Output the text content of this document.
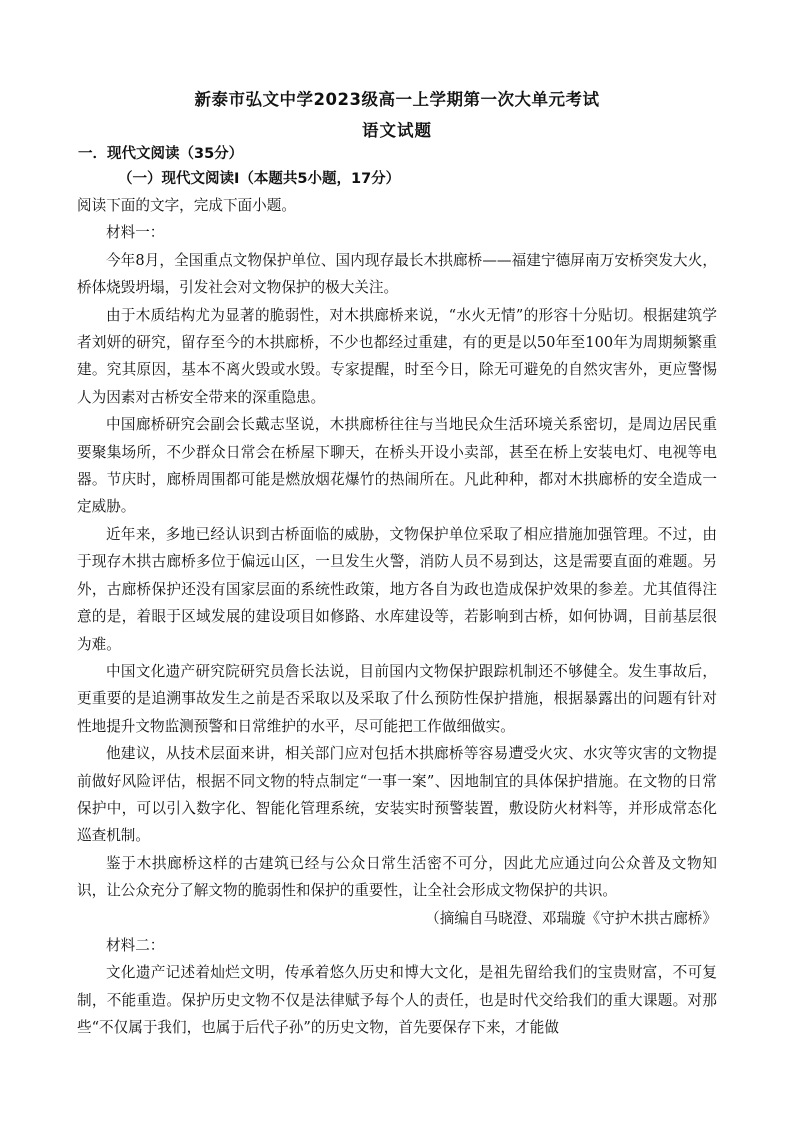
新泰市弘文中学2023级高一上学期第一次大单元考试
语文试题
一．现代文阅读（35分）
（一）现代文阅读Ⅰ（本题共5小题，17分）

阅读下面的文字，完成下面小题。

材料一：

今年8月，全国重点文物保护单位、国内现存最长木拱廊桥——福建宁德屏南万安桥突发大火，桥体烧毁坍塌，引发社会对文物保护的极大关注。

由于木质结构尤为显著的脆弱性，对木拱廊桥来说，“水火无情”的形容十分贴切。根据建筑学者刘妍的研究，留存至今的木拱廊桥，不少也都经过重建，有的更是以50年至100年为周期频繁重建。究其原因，基本不离火毁或水毁。专家提醒，时至今日，除无可避免的自然灾害外，更应警惕人为因素对古桥安全带来的深重隐患。

中国廊桥研究会副会长戴志坚说，木拱廊桥往往与当地民众生活环境关系密切，是周边居民重要聚集场所，不少群众日常会在桥屋下聊天，在桥头开设小卖部，甚至在桥上安装电灯、电视等电器。节庆时，廊桥周围都可能是燃放烟花爆竹的热闹所在。凡此种种，都对木拱廊桥的安全造成一定威胁。

近年来，多地已经认识到古桥面临的威胁，文物保护单位采取了相应措施加强管理。不过，由于现存木拱古廊桥多位于偏远山区，一旦发生火警，消防人员不易到达，这是需要直面的难题。另外，古廊桥保护还没有国家层面的系统性政策，地方各自为政也造成保护效果的参差。尤其值得注意的是，着眼于区域发展的建设项目如修路、水库建设等，若影响到古桥，如何协调，目前基层很为难。

中国文化遗产研究院研究员詹长法说，目前国内文物保护跟踪机制还不够健全。发生事故后，更重要的是追溯事故发生之前是否采取以及采取了什么预防性保护措施，根据暴露出的问题有针对性地提升文物监测预警和日常维护的水平，尽可能把工作做细做实。

他建议，从技术层面来讲，相关部门应对包括木拱廊桥等容易遭受火灾、水灾等灾害的文物提前做好风险评估，根据不同文物的特点制定“一事一案”、因地制宜的具体保护措施。在文物的日常保护中，可以引入数字化、智能化管理系统，安装实时预警装置，敷设防火材料等，并形成常态化巡查机制。

鉴于木拱廊桥这样的古建筑已经与公众日常生活密不可分，因此尤应通过向公众普及文物知识，让公众充分了解文物的脆弱性和保护的重要性，让全社会形成文物保护的共识。

（摘编自马晓澄、邓瑞璇《守护木拱古廊桥》

材料二：

文化遗产记述着灿烂文明，传承着悠久历史和博大文化，是祖先留给我们的宝贵财富，不可复制，不能重造。保护历史文物不仅是法律赋予每个人的责任，也是时代交给我们的重大课题。对那些“不仅属于我们，也属于后代子孙”的历史文物，首先要保存下来，才能做
